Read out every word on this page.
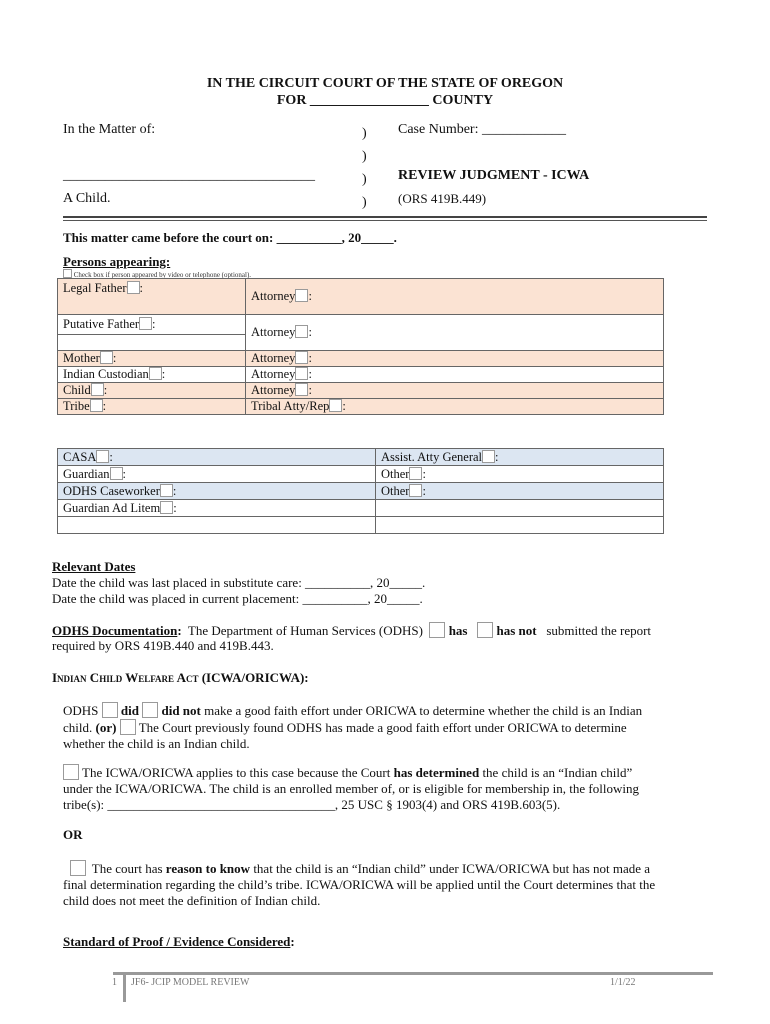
IN THE CIRCUIT COURT OF THE STATE OF OREGON
FOR _________________ COUNTY
In the Matter of:
____________________________________
A Child.
)
)
)
)
Case Number: ____________
REVIEW JUDGMENT - ICWA
(ORS 419B.449)
This matter came before the court on: __________, 20_____.
Persons appearing:
Check box if person appeared by video or telephone (optional).
Legal Father :	Attorney :
Putative Father :	Attorney :
Mother :	Attorney :
Indian Custodian :	Attorney :
Child :	Attorney :
Tribe :	Tribal Atty/Rep :
CASA :	Assist. Atty General :
Guardian :	Other :
ODHS Caseworker :	Other :
Guardian Ad Litem :	

Relevant Dates
Date the child was last placed in substitute care: __________, 20_____.
Date the child was placed in current placement: __________, 20_____.
ODHS Documentation: The Department of Human Services (ODHS) has has not submitted the report
required by ORS 419B.440 and 419B.443.
Indian Child Welfare Act (ICWA/ORICWA):
ODHS did did not make a good faith effort under ORICWA to determine whether the child is an Indian
child. (or) The Court previously found ODHS has made a good faith effort under ORICWA to determine
whether the child is an Indian child.
The ICWA/ORICWA applies to this case because the Court has determined the child is an “Indian child”
under the ICWA/ORICWA. The child is an enrolled member of, or is eligible for membership in, the following
tribe(s): ___________________________________, 25 USC § 1903(4) and ORS 419B.603(5).
OR
The court has reason to know that the child is an “Indian child” under ICWA/ORICWA but has not made a
final determination regarding the child’s tribe. ICWA/ORICWA will be applied until the Court determines that the
child does not meet the definition of Indian child.
Standard of Proof / Evidence Considered:
1 JF6- JCIP MODEL REVIEW	1/1/22
